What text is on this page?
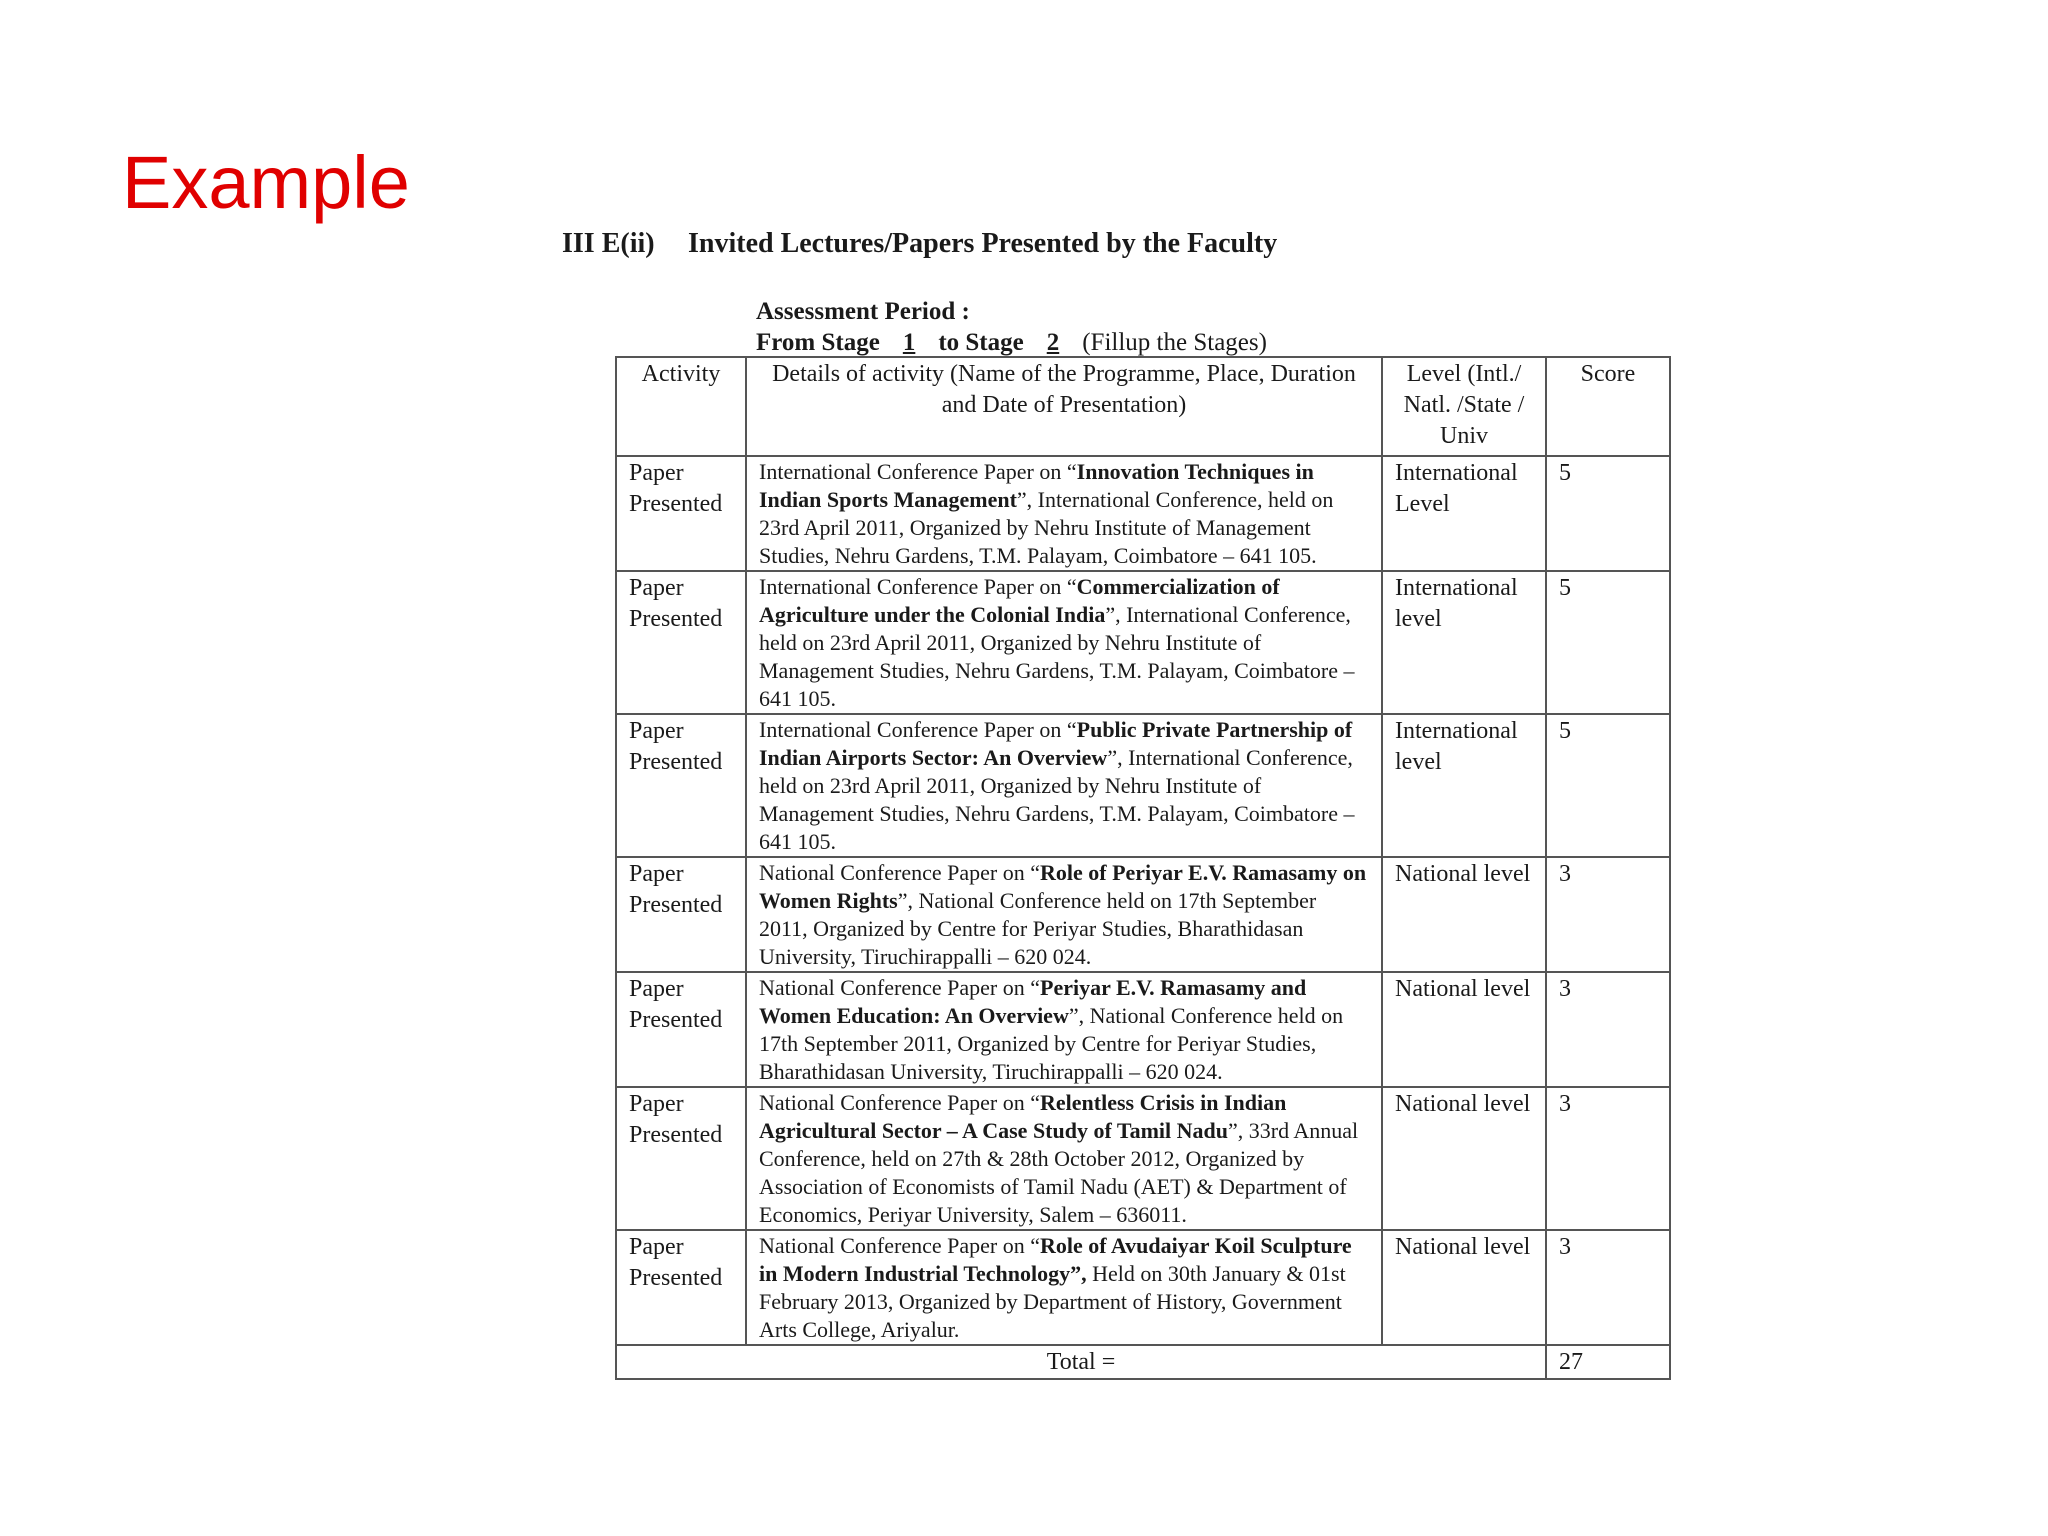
Example
III E(ii) Invited Lectures/Papers Presented by the Faculty
Assessment Period :
From Stage 1 to Stage 2 (Fillup the Stages)
Activity	Details of activity (Name of the Programme, Place, Duration and Date of Presentation)	Level (Intl./ Natl. /State / Univ	Score
Paper Presented	International Conference Paper on “Innovation Techniques in Indian Sports Management”, International Conference, held on 23rd April 2011, Organized by Nehru Institute of Management Studies, Nehru Gardens, T.M. Palayam, Coimbatore – 641 105.	International Level	5
Paper Presented	International Conference Paper on “Commercialization of Agriculture under the Colonial India”, International Conference, held on 23rd April 2011, Organized by Nehru Institute of Management Studies, Nehru Gardens, T.M. Palayam, Coimbatore – 641 105.	International level	5
Paper Presented	International Conference Paper on “Public Private Partnership of Indian Airports Sector: An Overview”, International Conference, held on 23rd April 2011, Organized by Nehru Institute of Management Studies, Nehru Gardens, T.M. Palayam, Coimbatore – 641 105.	International level	5
Paper Presented	National Conference Paper on “Role of Periyar E.V. Ramasamy on Women Rights”, National Conference held on 17th September 2011, Organized by Centre for Periyar Studies, Bharathidasan University, Tiruchirappalli – 620 024.	National level	3
Paper Presented	National Conference Paper on “Periyar E.V. Ramasamy and Women Education: An Overview”, National Conference held on 17th September 2011, Organized by Centre for Periyar Studies, Bharathidasan University, Tiruchirappalli – 620 024.	National level	3
Paper Presented	National Conference Paper on “Relentless Crisis in Indian Agricultural Sector – A Case Study of Tamil Nadu”, 33rd Annual Conference, held on 27th & 28th October 2012, Organized by Association of Economists of Tamil Nadu (AET) & Department of Economics, Periyar University, Salem – 636011.	National level	3
Paper Presented	National Conference Paper on “Role of Avudaiyar Koil Sculpture in Modern Industrial Technology”, Held on 30th January & 01st February 2013, Organized by Department of History, Government Arts College, Ariyalur.	National level	3
Total =			27
